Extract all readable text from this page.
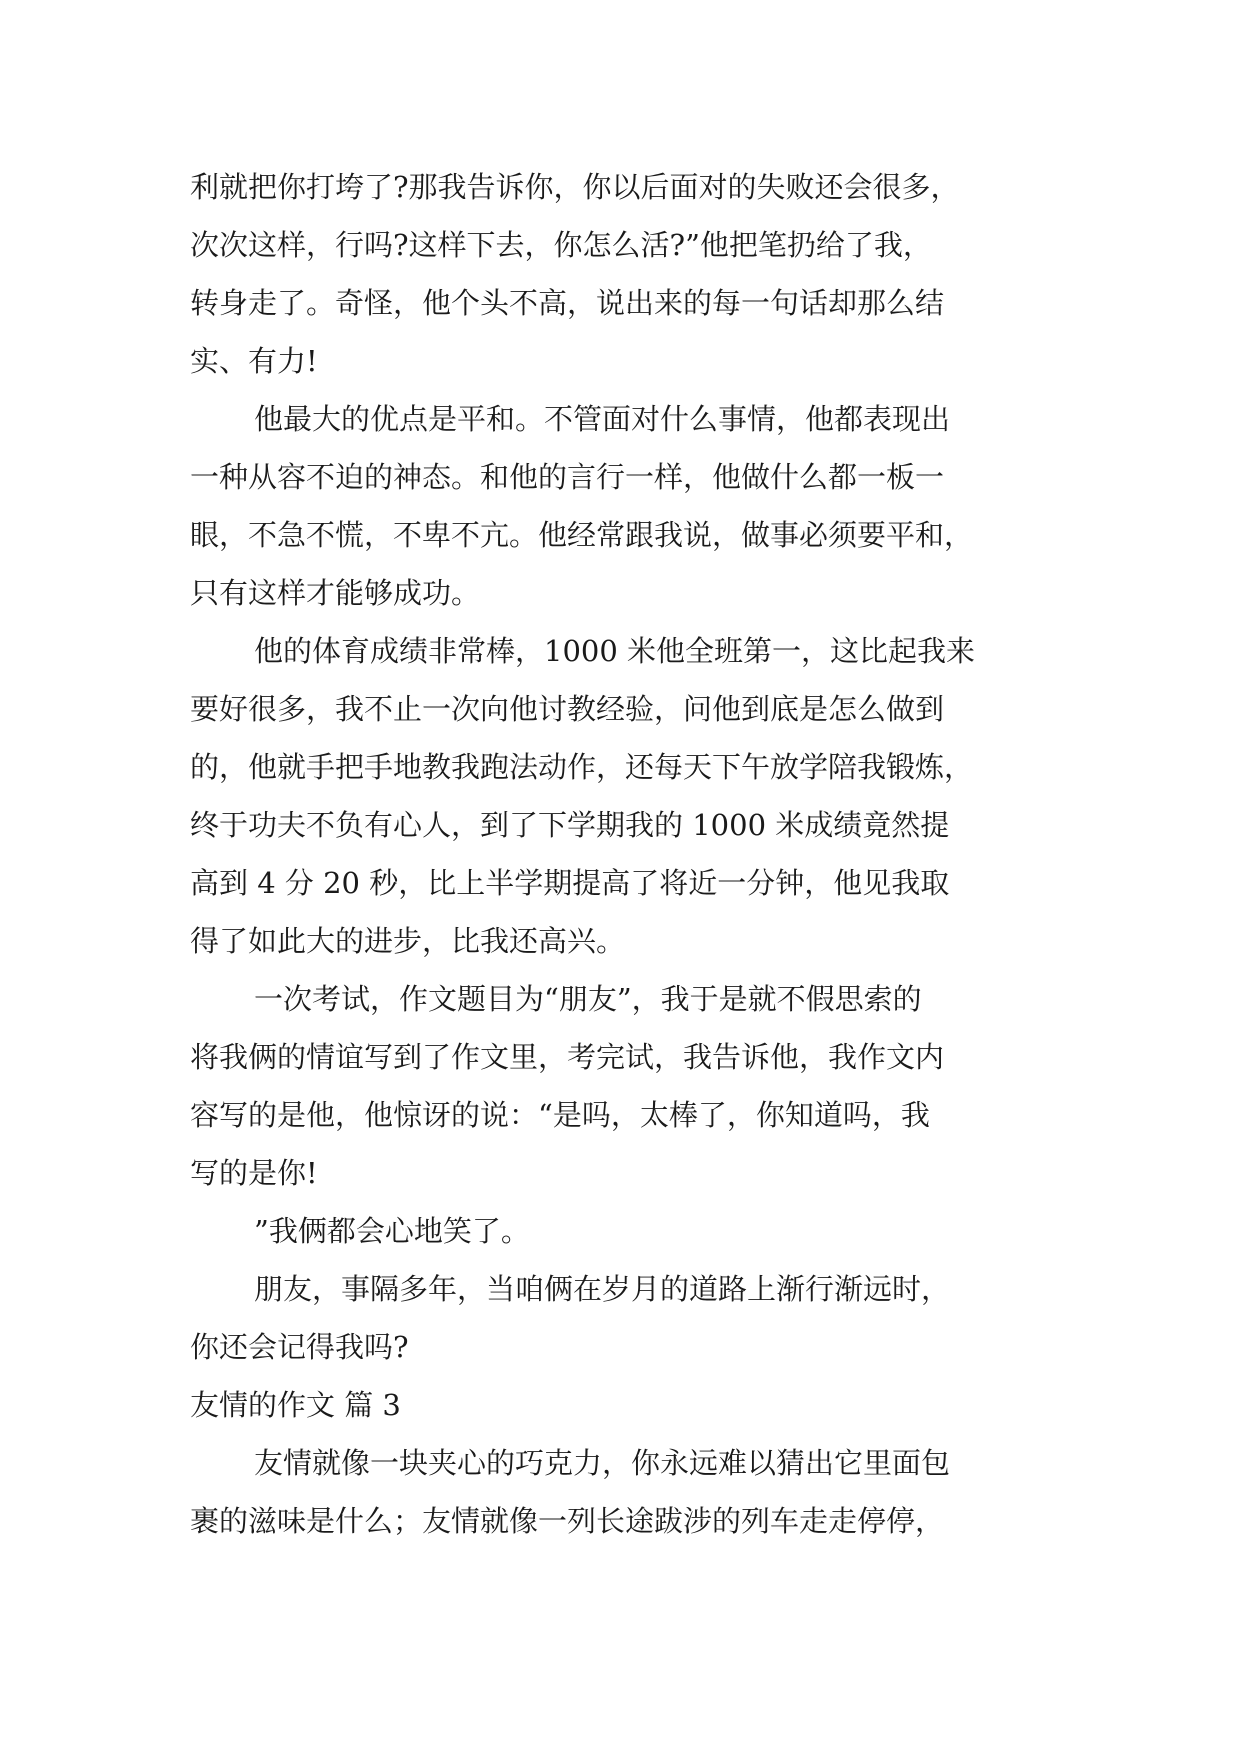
利就把你打垮了?那我告诉你，你以后面对的失败还会很多，
次次这样，行吗?这样下去，你怎么活?”他把笔扔给了我，
转身走了。奇怪，他个头不高，说出来的每一句话却那么结
实、有力!
他最大的优点是平和。不管面对什么事情，他都表现出
一种从容不迫的神态。和他的言行一样，他做什么都一板一
眼，不急不慌，不卑不亢。他经常跟我说，做事必须要平和，
只有这样才能够成功。
他的体育成绩非常棒，1000 米他全班第一，这比起我来
要好很多，我不止一次向他讨教经验，问他到底是怎么做到
的，他就手把手地教我跑法动作，还每天下午放学陪我锻炼，
终于功夫不负有心人，到了下学期我的 1000 米成绩竟然提
高到 4 分 20 秒，比上半学期提高了将近一分钟，他见我取
得了如此大的进步，比我还高兴。
一次考试，作文题目为“朋友”，我于是就不假思索的
将我俩的情谊写到了作文里，考完试，我告诉他，我作文内
容写的是他，他惊讶的说：“是吗，太棒了，你知道吗，我
写的是你!
”我俩都会心地笑了。
朋友，事隔多年，当咱俩在岁月的道路上渐行渐远时，
你还会记得我吗?
友情的作文 篇 3
友情就像一块夹心的巧克力，你永远难以猜出它里面包
裹的滋味是什么；友情就像一列长途跋涉的列车走走停停，
